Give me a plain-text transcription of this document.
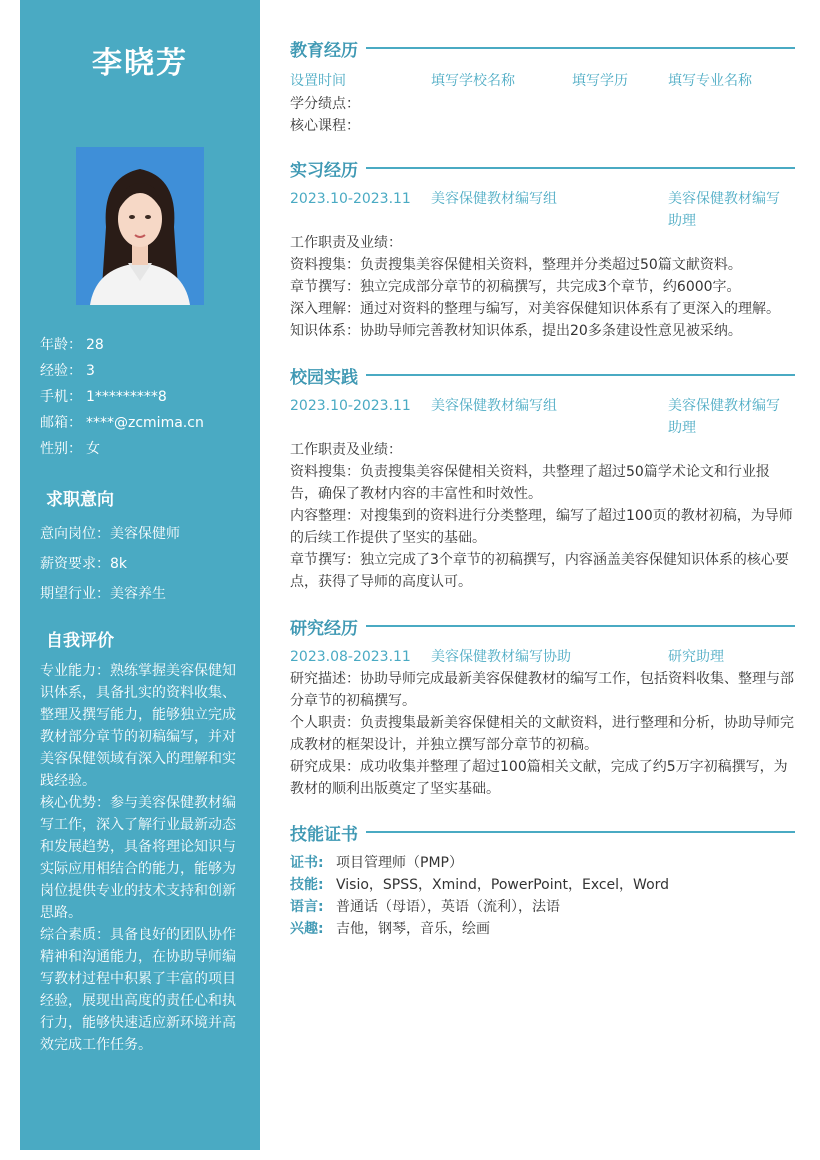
李晓芳
年龄： 28
经验： 3
手机： 1*********8
邮箱： ****@zcmima.cn
性别： 女
求职意向
意向岗位：美容保健师
薪资要求：8k
期望行业：美容养生
自我评价

专业能力：熟练掌握美容保健知识体系，具备扎实的资料收集、整理及撰写能力，能够独立完成教材部分章节的初稿编写，并对美容保健领域有深入的理解和实践经验。

核心优势：参与美容保健教材编写工作，深入了解行业最新动态和发展趋势，具备将理论知识与实际应用相结合的能力，能够为岗位提供专业的技术支持和创新思路。

综合素质：具备良好的团队协作精神和沟通能力，在协助导师编写教材过程中积累了丰富的项目经验，展现出高度的责任心和执行力，能够快速适应新环境并高效完成工作任务。

教育经历
设置时间	填写学校名称	填写学历	填写专业名称

学分绩点：

核心课程：

实习经历
2023.10-2023.11 美容保健教材编写组	美容保健教材编写助理

工作职责及业绩：

资料搜集：负责搜集美容保健相关资料，整理并分类超过50篇文献资料。

章节撰写：独立完成部分章节的初稿撰写，共完成3个章节，约6000字。

深入理解：通过对资料的整理与编写，对美容保健知识体系有了更深入的理解。

知识体系：协助导师完善教材知识体系，提出20多条建设性意见被采纳。

校园实践
2023.10-2023.11 美容保健教材编写组	美容保健教材编写助理

工作职责及业绩：

资料搜集：负责搜集美容保健相关资料，共整理了超过50篇学术论文和行业报告，确保了教材内容的丰富性和时效性。

内容整理：对搜集到的资料进行分类整理，编写了超过100页的教材初稿，为导师的后续工作提供了坚实的基础。

章节撰写：独立完成了3个章节的初稿撰写，内容涵盖美容保健知识体系的核心要点，获得了导师的高度认可。

研究经历
2023.08-2023.11 美容保健教材编写协助	研究助理

研究描述：协助导师完成最新美容保健教材的编写工作，包括资料收集、整理与部分章节的初稿撰写。

个人职责：负责搜集最新美容保健相关的文献资料，进行整理和分析，协助导师完成教材的框架设计，并独立撰写部分章节的初稿。

研究成果：成功收集并整理了超过100篇相关文献，完成了约5万字初稿撰写，为教材的顺利出版奠定了坚实基础。

技能证书
证书: 项目管理师（PMP）
技能: Visio，SPSS，Xmind，PowerPoint，Excel，Word
语言: 普通话（母语），英语（流利），法语
兴趣: 吉他，钢琴，音乐，绘画
